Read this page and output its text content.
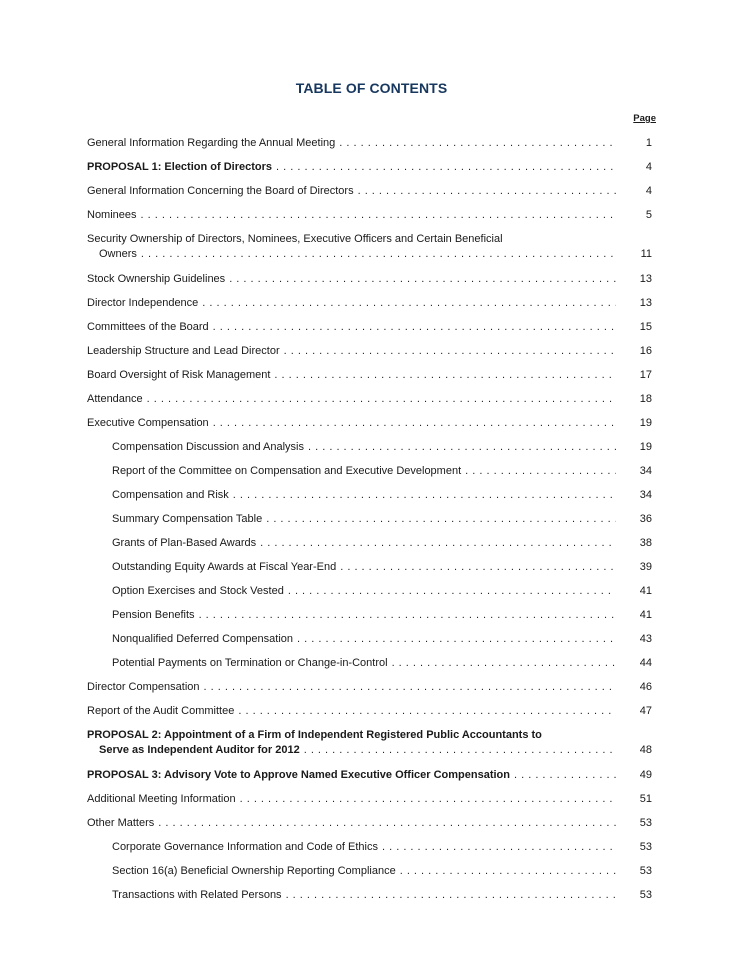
TABLE OF CONTENTS
Page
General Information Regarding the Annual Meeting . . .	1
PROPOSAL 1: Election of Directors . . .	4
General Information Concerning the Board of Directors . . .	4
Nominees . . .	5
Security Ownership of Directors, Nominees, Executive Officers and Certain Beneficial
Owners . . .	11
Stock Ownership Guidelines . . .	13
Director Independence . . .	13
Committees of the Board . . .	15
Leadership Structure and Lead Director . . .	16
Board Oversight of Risk Management . . .	17
Attendance . . .	18
Executive Compensation . . .	19
Compensation Discussion and Analysis . . .	19
Report of the Committee on Compensation and Executive Development . . .	34
Compensation and Risk . . .	34
Summary Compensation Table . . .	36
Grants of Plan-Based Awards . . .	38
Outstanding Equity Awards at Fiscal Year-End . . .	39
Option Exercises and Stock Vested . . .	41
Pension Benefits . . .	41
Nonqualified Deferred Compensation . . .	43
Potential Payments on Termination or Change-in-Control . . .	44
Director Compensation . . .	46
Report of the Audit Committee . . .	47
PROPOSAL 2: Appointment of a Firm of Independent Registered Public Accountants to
Serve as Independent Auditor for 2012 . . .	48
PROPOSAL 3: Advisory Vote to Approve Named Executive Officer Compensation . . .	49
Additional Meeting Information . . .	51
Other Matters . . .	53
Corporate Governance Information and Code of Ethics . . .	53
Section 16(a) Beneficial Ownership Reporting Compliance . . .	53
Transactions with Related Persons . . .	53
